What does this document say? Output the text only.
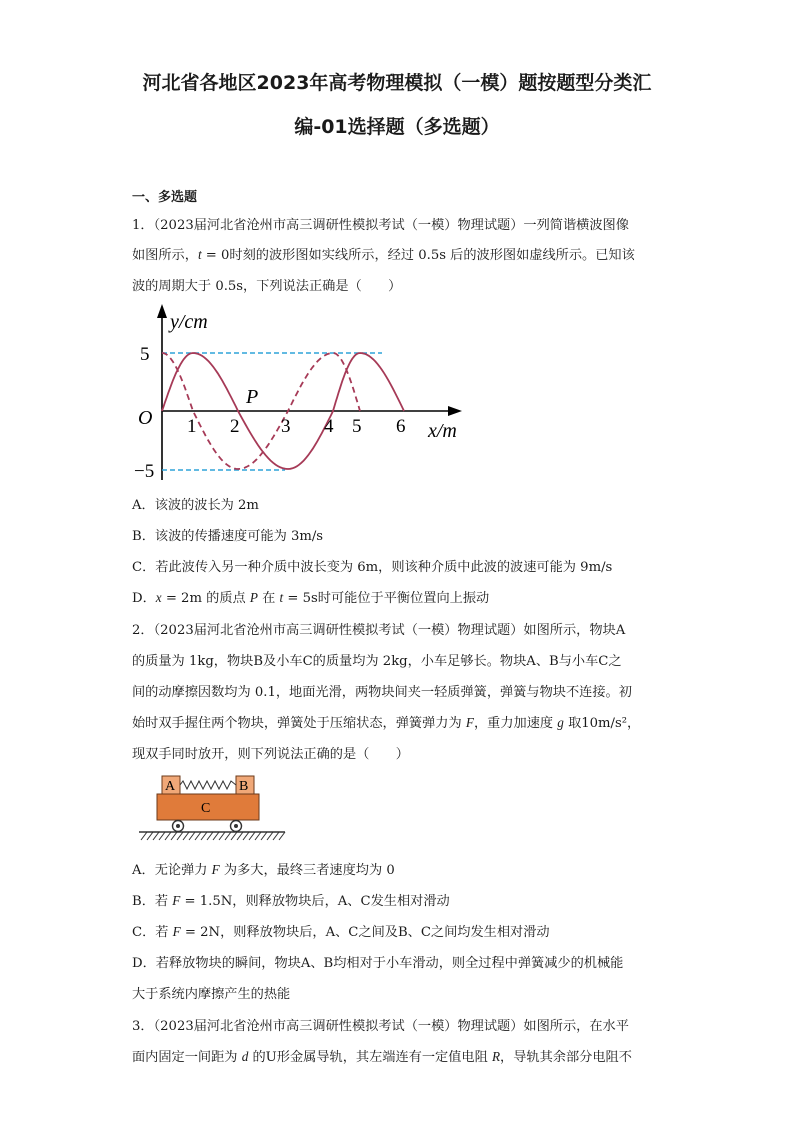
河北省各地区2023年高考物理模拟（一模）题按题型分类汇
编-01选择题（多选题）
一、多选题
1．（2023届河北省沧州市高三调研性模拟考试（一模）物理试题）一列简谐横波图像
如图所示，t = 0时刻的波形图如实线所示，经过 0.5s 后的波形图如虚线所示。已知该
波的周期大于 0.5s，下列说法正确是（　　）
y/cm
x/m
O
P
5
−5
1 2 3 4 5 6
A．该波的波长为 2m
B．该波的传播速度可能为 3m/s
C．若此波传入另一种介质中波长变为 6m，则该种介质中此波的波速可能为 9m/s
D．x = 2m 的质点 P 在 t = 5s时可能位于平衡位置向上振动
2．（2023届河北省沧州市高三调研性模拟考试（一模）物理试题）如图所示，物块A
的质量为 1kg，物块B及小车C的质量均为 2kg，小车足够长。物块A、B与小车C之
间的动摩擦因数均为 0.1，地面光滑，两物块间夹一轻质弹簧，弹簧与物块不连接。初
始时双手握住两个物块，弹簧处于压缩状态，弹簧弹力为 F，重力加速度 g 取10m/s²，
现双手同时放开，则下列说法正确的是（　　）
C
A	B
A．无论弹力 F 为多大，最终三者速度均为 0
B．若 F = 1.5N，则释放物块后，A、C发生相对滑动
C．若 F = 2N，则释放物块后，A、C之间及B、C之间均发生相对滑动
D．若释放物块的瞬间，物块A、B均相对于小车滑动，则全过程中弹簧减少的机械能
大于系统内摩擦产生的热能
3．（2023届河北省沧州市高三调研性模拟考试（一模）物理试题）如图所示，在水平
面内固定一间距为 d 的U形金属导轨，其左端连有一定值电阻 R，导轨其余部分电阻不
